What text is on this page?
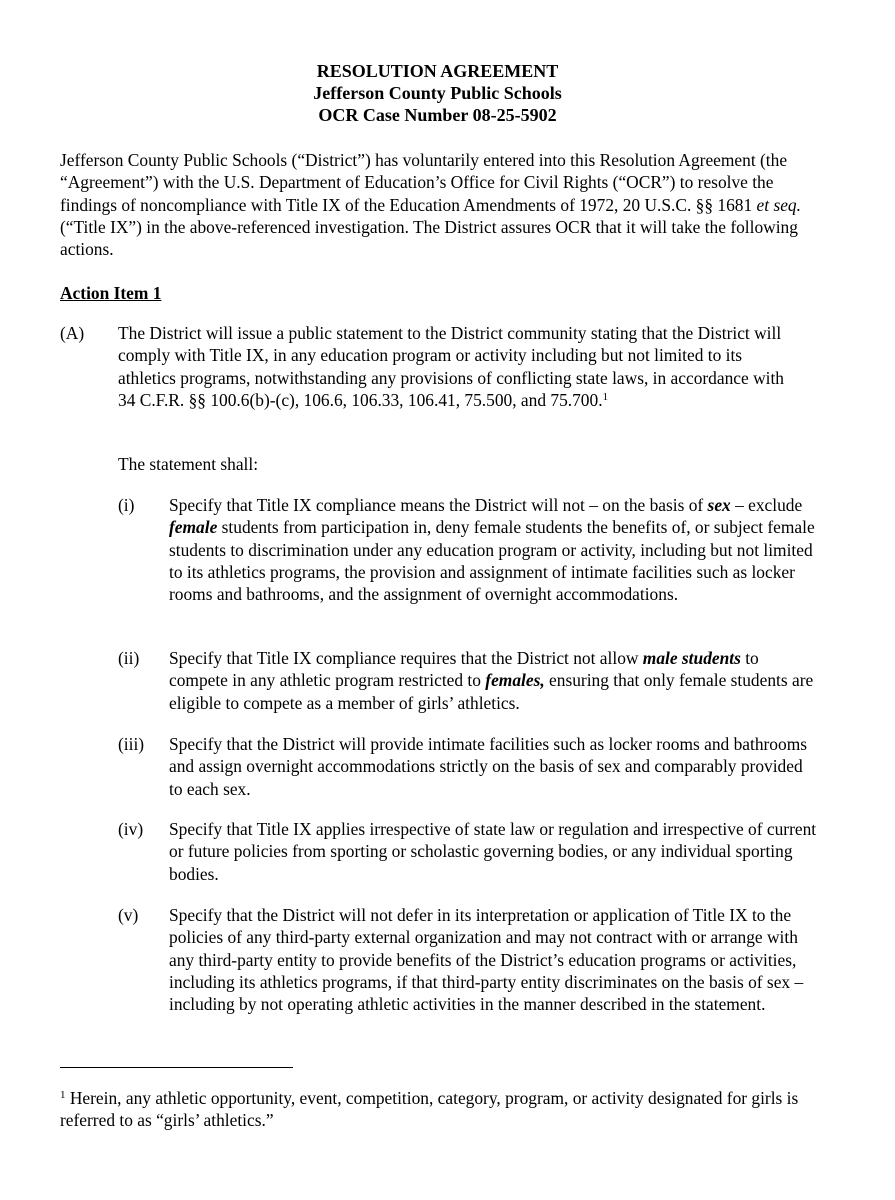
RESOLUTION AGREEMENT
Jefferson County Public Schools
OCR Case Number 08-25-5902
Jefferson County Public Schools (“District”) has voluntarily entered into this Resolution Agreement (the “Agreement”) with the U.S. Department of Education’s Office for Civil Rights (“OCR”) to resolve the findings of noncompliance with Title IX of the Education Amendments of 1972, 20 U.S.C. §§ 1681 et seq. (“Title IX”) in the above-referenced investigation. The District assures OCR that it will take the following actions.
Action Item 1
(A) The District will issue a public statement to the District community stating that the District will comply with Title IX, in any education program or activity including but not limited to its athletics programs, notwithstanding any provisions of conflicting state laws, in accordance with 34 C.F.R. §§ 100.6(b)-(c), 106.6, 106.33, 106.41, 75.500, and 75.700.$^1$
The statement shall:
(i) Specify that Title IX compliance means the District will not – on the basis of sex – exclude female students from participation in, deny female students the benefits of, or subject female students to discrimination under any education program or activity, including but not limited to its athletics programs, the provision and assignment of intimate facilities such as locker rooms and bathrooms, and the assignment of overnight accommodations.
(ii) Specify that Title IX compliance requires that the District not allow male students to compete in any athletic program restricted to females, ensuring that only female students are eligible to compete as a member of girls’ athletics.
(iii) Specify that the District will provide intimate facilities such as locker rooms and bathrooms and assign overnight accommodations strictly on the basis of sex and comparably provided to each sex.
(iv) Specify that Title IX applies irrespective of state law or regulation and irrespective of current or future policies from sporting or scholastic governing bodies, or any individual sporting bodies.
(v) Specify that the District will not defer in its interpretation or application of Title IX to the policies of any third-party external organization and may not contract with or arrange with any third-party entity to provide benefits of the District’s education programs or activities, including its athletics programs, if that third-party entity discriminates on the basis of sex – including by not operating athletic activities in the manner described in the statement.
$^1$ Herein, any athletic opportunity, event, competition, category, program, or activity designated for girls is referred to as “girls’ athletics.”
